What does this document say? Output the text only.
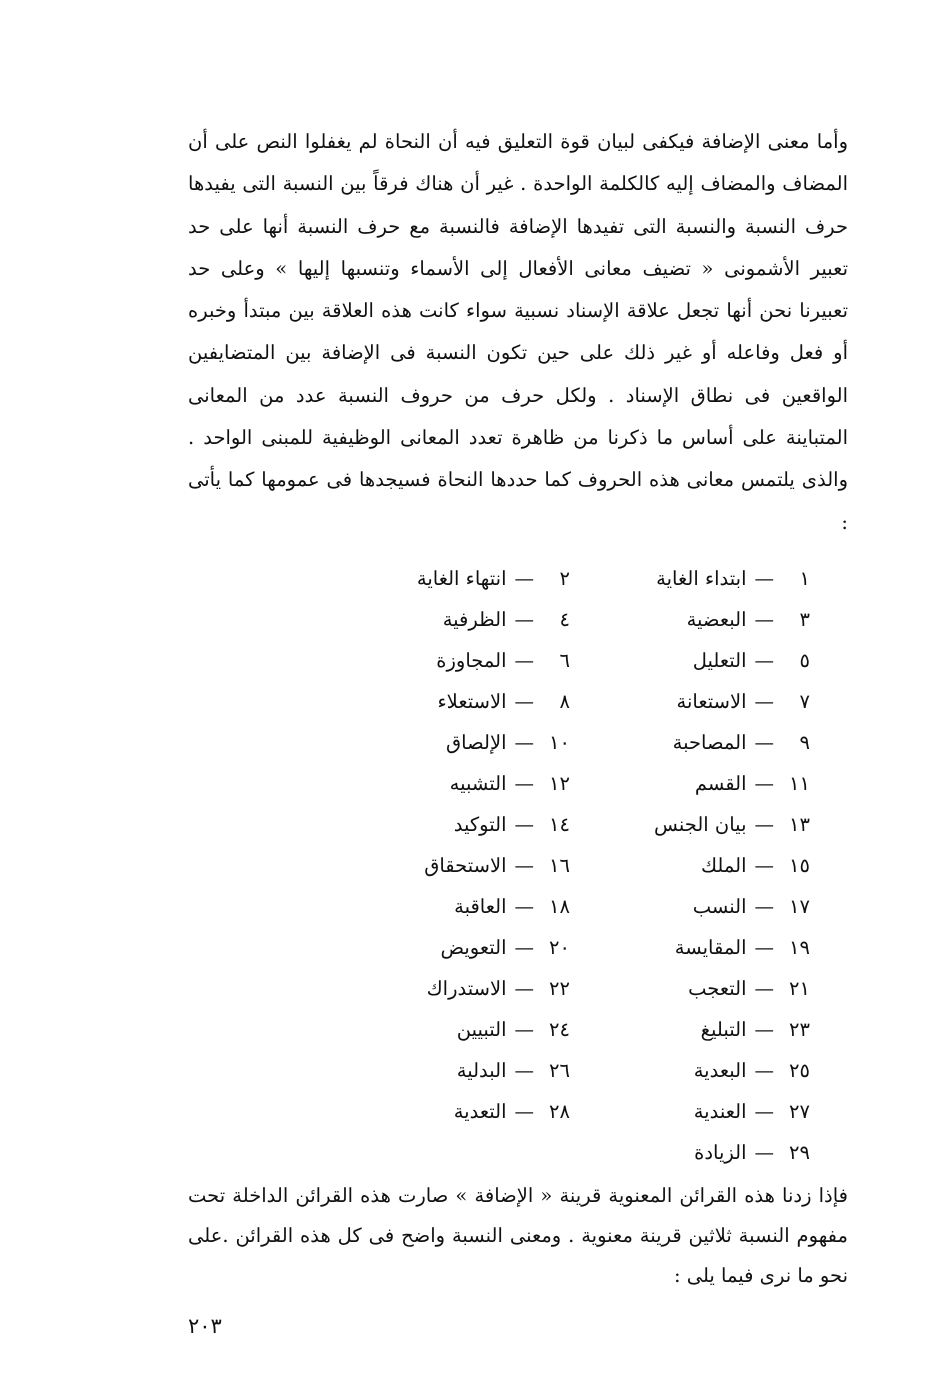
وأما معنى الإضافة فيكفى لبيان قوة التعليق فيه أن النحاة لم يغفلوا النص على أن المضاف والمضاف إليه كالكلمة الواحدة . غير أن هناك فرقاً بين النسبة التى يفيدها حرف النسبة والنسبة التى تفيدها الإضافة فالنسبة مع حرف النسبة أنها على حد تعبير الأشمونى « تضيف معانى الأفعال إلى الأسماء وتنسبها إليها » وعلى حد تعبيرنا نحن أنها تجعل علاقة الإسناد نسبية سواء كانت هذه العلاقة بين مبتدأ وخبره أو فعل وفاعله أو غير ذلك على حين تكون النسبة فى الإضافة بين المتضايفين الواقعين فى نطاق الإسناد . ولكل حرف من حروف النسبة عدد من المعانى المتباينة على أساس ما ذكرنا من ظاهرة تعدد المعانى الوظيفية للمبنى الواحد . والذى يلتمس معانى هذه الحروف كما حددها النحاة فسيجدها فى عمومها كما يأتى :

١—ابتداء الغاية
٢—انتهاء الغاية
٣—البعضية
٤—الظرفية
٥—التعليل
٦—المجاوزة
٧—الاستعانة
٨—الاستعلاء
٩—المصاحبة
١٠—الإلصاق
١١—القسم
١٢—التشبيه
١٣—بيان الجنس
١٤—التوكيد
١٥—الملك
١٦—الاستحقاق
١٧—النسب
١٨—العاقبة
١٩—المقايسة
٢٠—التعويض
٢١—التعجب
٢٢—الاستدراك
٢٣—التبليغ
٢٤—التبيين
٢٥—البعدية
٢٦—البدلية
٢٧—العندية
٢٨—التعدية
٢٩—الزيادة

فإذا زدنا هذه القرائن المعنوية قرينة « الإضافة » صارت هذه القرائن الداخلة تحت مفهوم النسبة ثلاثين قرينة معنوية . ومعنى النسبة واضح فى كل هذه القرائن .على نحو ما نرى فيما يلى :

٢٠٣
